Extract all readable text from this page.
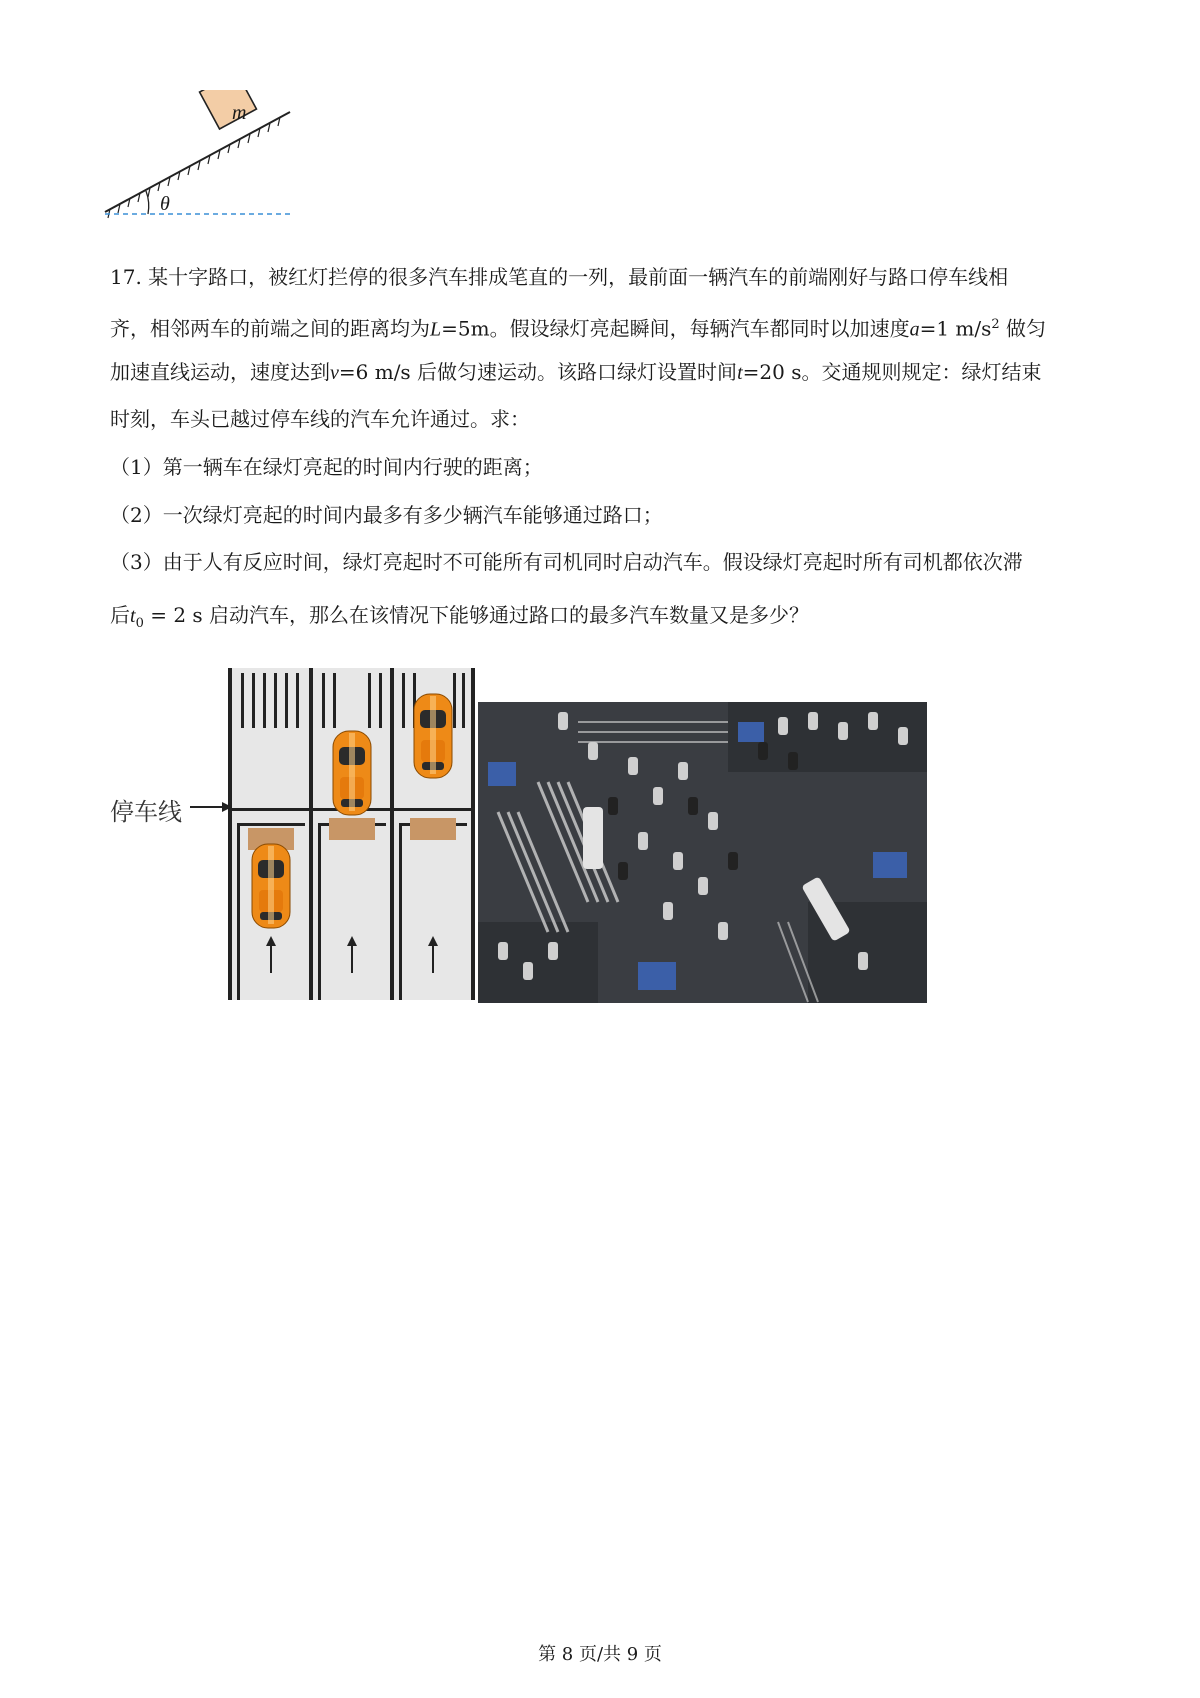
m
θ
17. 某十字路口，被红灯拦停的很多汽车排成笔直的一列，最前面一辆汽车的前端刚好与路口停车线相
齐，相邻两车的前端之间的距离均为L=5m。假设绿灯亮起瞬间，每辆汽车都同时以加速度a=1 $m/s^2$ 做匀
加速直线运动，速度达到v=6 m/s 后做匀速运动。该路口绿灯设置时间t=20 s。交通规则规定：绿灯结束
时刻，车头已越过停车线的汽车允许通过。求：
（1）第一辆车在绿灯亮起的时间内行驶的距离；
（2）一次绿灯亮起的时间内最多有多少辆汽车能够通过路口；
（3）由于人有反应时间，绿灯亮起时不可能所有司机同时启动汽车。假设绿灯亮起时所有司机都依次滞
后$t_0 = 2$ s 启动汽车，那么在该情况下能够通过路口的最多汽车数量又是多少？
停车线
第 8 页/共 9 页
